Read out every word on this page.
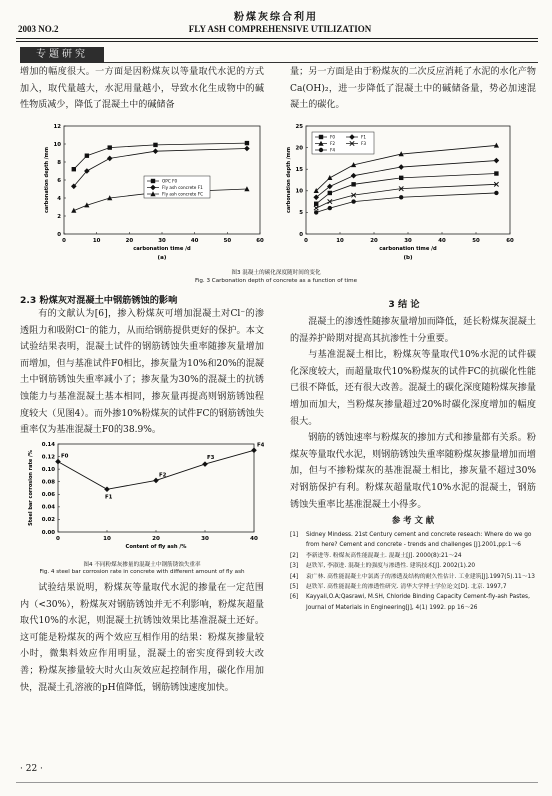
粉煤灰综合利用
2003 NO.2	FLY ASH COMPREHENSIVE UTILIZATION
专题研究

增加的幅度很大。一方面是因粉煤灰以等量取代水泥的方式加入，取代量越大，水泥用量越小，导致水化生成物中的碱性物质减少，降低了混凝土中的碱储备

量；另一方面是由于粉煤灰的二次反应消耗了水泥的水化产物Ca(OH)₂，进一步降低了混凝土中的碱储备量，势必加速混凝土的碳化。

0	10	20	30	40	50	60
0
2
4
6
8
10
12
carbonation time /d
carbonation depth /mm
(a)
OPC F0
Fly ash concrete F1
Fly ash concrete FC
0	10	20	30	40	50	60
0
5
10
15
20
25
carbonation time /d
carbonation depth /mm
(b)
F0	F1
F2	F3
F4
图3 混凝土的碳化深度随时间的变化
Fig. 3 Carbonation depth of concrete as a function of time
2.3 粉煤灰对混凝土中钢筋锈蚀的影响

有的文献认为[6]，掺入粉煤灰可增加混凝土对Cl⁻的渗透阻力和吸附Cl⁻的能力，从而给钢筋提供更好的保护。本文试验结果表明，混凝土试件的钢筋锈蚀失重率随掺灰量增加而增加，但与基准试件F0相比，掺灰量为10%和20%的混凝土中钢筋锈蚀失重率减小了；掺灰量为30%的混凝土的抗锈蚀能力与基准混凝土基本相同，掺灰量再提高则钢筋锈蚀程度较大（见图4）。而外掺10%粉煤灰的试件FC的钢筋锈蚀失重率仅为基准混凝土F0的38.9%。

0	10	20	30	40
0.00
0.02
0.04
0.06
0.08
0.10
0.12
0.14
Content of fly ash /%
Steel bar corrosion rate /%	F0
F1
F2
F3
F4
图4 不同粉煤灰掺量的混凝土中钢筋锈蚀失重率
Fig. 4 steel bar corrosion rate in concrete with different amount of fly ash

试验结果说明，粉煤灰等量取代水泥的掺量在一定范围内（<30%），粉煤灰对钢筋锈蚀并无不利影响，粉煤灰超量取代10%的水泥，则混凝土抗锈蚀效果比基准混凝土还好。这可能是粉煤灰的两个效应互相作用的结果：粉煤灰掺量较小时，微集料效应作用明显，混凝土的密实度得到较大改善；粉煤灰掺量较大时火山灰效应起控制作用，碳化作用加快，混凝土孔溶液的pH值降低，钢筋锈蚀速度加快。

3 结 论

混凝土的渗透性随掺灰量增加而降低，延长粉煤灰混凝土的湿养护龄期对提高其抗渗性十分重要。

与基准混凝土相比，粉煤灰等量取代10%水泥的试件碳化深度较大，而超量取代10%粉煤灰的试件FC的抗碳化性能已很不降低，还有很大改善。混凝土的碳化深度随粉煤灰掺量增加而加大，当粉煤灰掺量超过20%时碳化深度增加的幅度很大。

钢筋的锈蚀速率与粉煤灰的掺加方式和掺量都有关系。粉煤灰等量取代水泥，则钢筋锈蚀失重率随粉煤灰掺量增加而增加，但与不掺粉煤灰的基准混凝土相比，掺灰量不超过30%对钢筋保护有利。粉煤灰超量取代10%水泥的混凝土，钢筋锈蚀失重率比基准混凝土小得多。

参 考 文 献
[1]	Sidney Mindess. 21st Century cement and concrete reseach: Where do we go from here? Cement and concrete - trends and challenges [J].2001,pp:1～6
[2]	李新进等. 粉煤灰高性能混凝土. 混凝土[J]. 2000(8):21～24
[3]	赵铁军, 李淑进. 混凝土的强度与渗透性. 建筑技术[J]. 2002(1).20
[4]	袁广林. 高性能混凝土中氯离子的渗透及结构的耐久性估计. 工业建筑[J].1997(5).11～13
[5]	赵铁军. 高性能混凝土的渗透性研究. 清华大学博士学位论文[D]. 北京. 1997,7
[6]	Kayyali,O.A;Qasrawi, M.SH, Chloride Binding Capacity Cement-fly-ash Pastes, Journal of Materials in Engineering[J], 4(1) 1992. pp 16～26
· 22 ·
